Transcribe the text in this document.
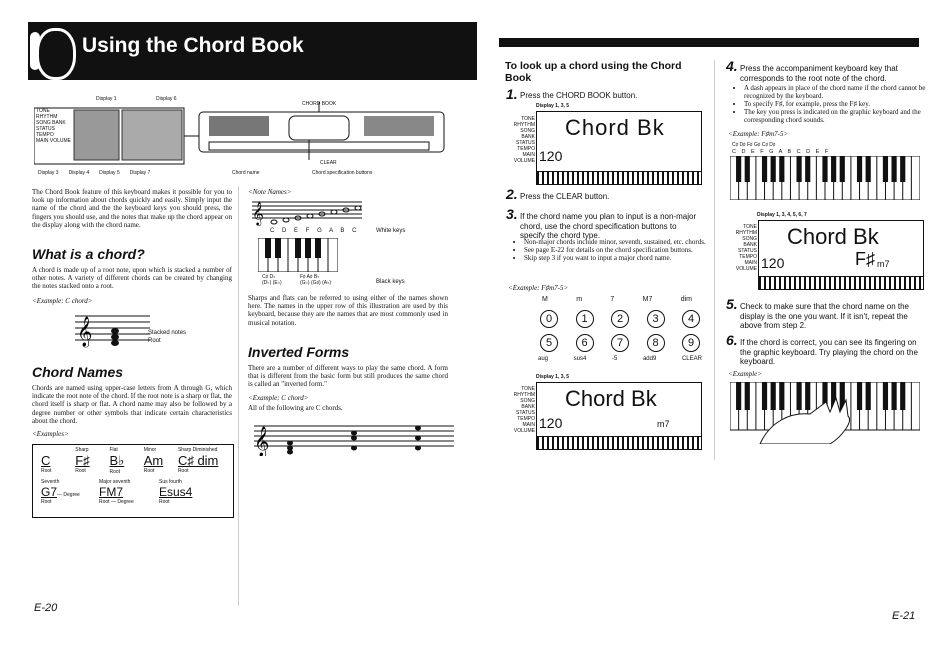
Using the Chord Book
Display 1	Display 6
TONE
RHYTHM
SONG BANK
STATUS
TEMPO
MAIN VOLUME
CHORD BOOK
CLEAR
Display 3 Display 4 Display 5 Display 7	Chord name	Chord specification buttons
The Chord Book feature of this keyboard makes it possible for you to look up information about chords quickly and easily. Simply input the name of the chord and the the keyboard keys you should press, the fingers you should use, and the notes that make up the chord appear on the display along with the chord name.
What is a chord?
A chord is made up of a root note, upon which is stacked a number of other notes. A variety of different chords can be created by changing the notes stacked onto a root.
<Example: C chord>
𝄞	Stacked notes
Root
Chord Names
Chords are named using upper-case letters from A through G, which indicate the root note of the chord. If the root note is a sharp or flat, the chord itself is sharp or flat. A chord name may also be followed by a degree number or other symbols that indicate certain characteristics about the chord.
<Examples>
C
Root
Sharp
F♯
Root
Flat
B♭
Root
Minor
Am
Root
Sharp Diminished
C♯ dim
Root
Seventh
G7— Degree
Root
Major seventh
FM7
Root — Degree
Sus fourth
Esus4
Root
<Note Names>
𝄞
C D E F G A B C	White keys
C♯ D♭
(D♭) (E♭)
F♯ A♯ B♭
(G♭) (G♯) (A♭)	Black keys
Sharps and flats can be referred to using either of the names shown here. The names in the upper row of this illustration are used by this keyboard, because they are the names that are most commonly used in musical notation.
Inverted Forms
There are a number of different ways to play the same chord. A form that is different from the basic form but still produces the same chord is called an "inverted form."
<Example: C chord>
All of the following are C chords.
𝄞
E-20
To look up a chord using the Chord Book
1. Press the CHORD BOOK button.
Display 1, 3, 5
Chord Bk
120
TONE
RHYTHM
SONG BANK
STATUS
TEMPO
MAIN VOLUME
2. Press the CLEAR button.
3. If the chord name you plan to input is a non-major chord, use the chord specification buttons to specify the chord type.
• Non-major chords include minor, seventh, sustained, etc. chords.
• See page E-22 for details on the chord specification buttons.
• Skip step 3 if you want to input a major chord name.
<Example: F♯m7-5>
M	m	7	M7	dim
0	1	2	3	4
5	6	7	8	9
aug	sus4	-5	add9	CLEAR
Display 1, 3, 5
Chord Bk
120	m7
TONE
RHYTHM
SONG BANK
STATUS
TEMPO
MAIN VOLUME
4. Press the accompaniment keyboard key that corresponds to the root note of the chord.
• A dash appears in place of the chord name if the chord cannot be recognized by the keyboard.
• To specify F♯, for example, press the F♯ key.
• The key you press is indicated on the graphic keyboard and the corresponding chord sounds.
<Example: F♯m7-5>
C♯ D♯ F♯ G♯ C♯ D♯
C D E F G A B C D E F
Display 1, 3, 4, 5, 6, 7
Chord Bk
120	F♯ m7
TONE
RHYTHM
SONG BANK
STATUS
TEMPO
MAIN VOLUME
5. Check to make sure that the chord name on the display is the one you want. If it isn't, repeat the above from step 2.
6. If the chord is correct, you can see its fingering on the graphic keyboard. Try playing the chord on the keyboard.
<Example>
E-21
